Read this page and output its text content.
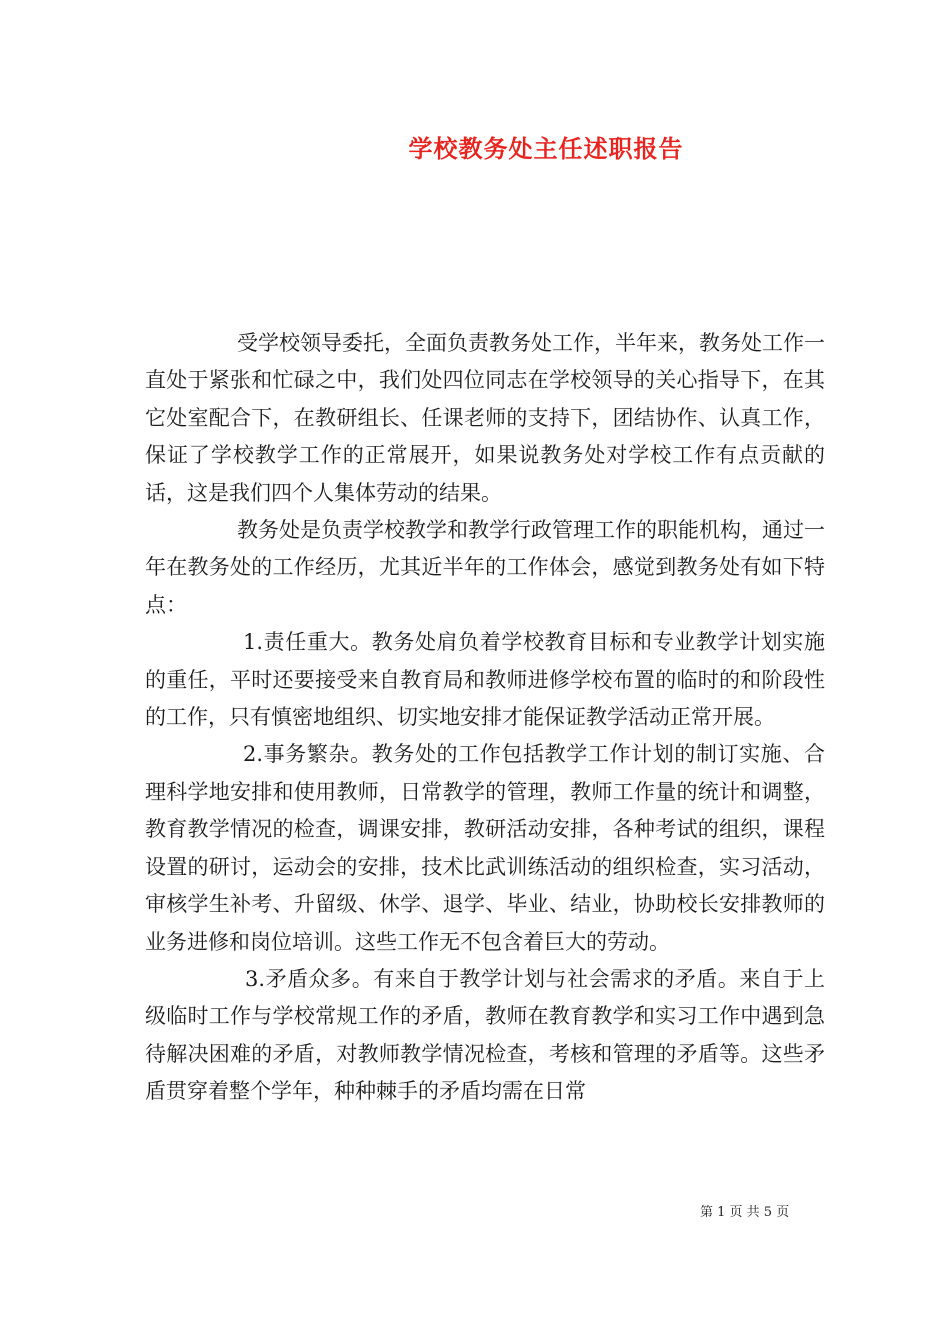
学校教务处主任述职报告

受学校领导委托，全面负责教务处工作，半年来，教务处工作一直处于紧张和忙碌之中，我们处四位同志在学校领导的关心指导下，在其它处室配合下，在教研组长、任课老师的支持下，团结协作、认真工作，保证了学校教学工作的正常展开，如果说教务处对学校工作有点贡献的话，这是我们四个人集体劳动的结果。

教务处是负责学校教学和教学行政管理工作的职能机构，通过一年在教务处的工作经历，尤其近半年的工作体会，感觉到教务处有如下特点：

1.责任重大。教务处肩负着学校教育目标和专业教学计划实施的重任，平时还要接受来自教育局和教师进修学校布置的临时的和阶段性的工作，只有慎密地组织、切实地安排才能保证教学活动正常开展。

2.事务繁杂。教务处的工作包括教学工作计划的制订实施、合理科学地安排和使用教师，日常教学的管理，教师工作量的统计和调整，教育教学情况的检查，调课安排，教研活动安排，各种考试的组织，课程设置的研讨，运动会的安排，技术比武训练活动的组织检查，实习活动，审核学生补考、升留级、休学、退学、毕业、结业，协助校长安排教师的业务进修和岗位培训。这些工作无不包含着巨大的劳动。

3.矛盾众多。有来自于教学计划与社会需求的矛盾。来自于上级临时工作与学校常规工作的矛盾，教师在教育教学和实习工作中遇到急待解决困难的矛盾，对教师教学情况检查，考核和管理的矛盾等。这些矛盾贯穿着整个学年，种种棘手的矛盾均需在日常

第 1 页 共 5 页
